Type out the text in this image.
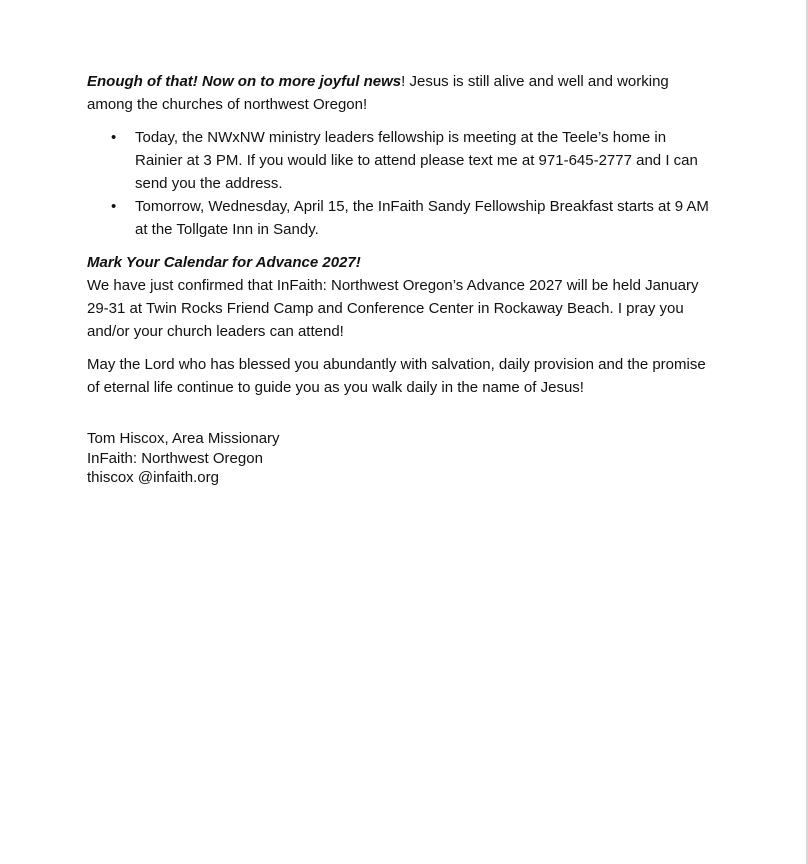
Enough of that! Now on to more joyful news! Jesus is still alive and well and working among the churches of northwest Oregon!

• Today, the NWxNW ministry leaders fellowship is meeting at the Teele’s home in Rainier at 3 PM. If you would like to attend please text me at 971-645-2777 and I can send you the address.
• Tomorrow, Wednesday, April 15, the InFaith Sandy Fellowship Breakfast starts at 9 AM at the Tollgate Inn in Sandy.

Mark Your Calendar for Advance 2027!

We have just confirmed that InFaith: Northwest Oregon’s Advance 2027 will be held January 29-31 at Twin Rocks Friend Camp and Conference Center in Rockaway Beach. I pray you and/or your church leaders can attend!

May the Lord who has blessed you abundantly with salvation, daily provision and the promise of eternal life continue to guide you as you walk daily in the name of Jesus!

Tom Hiscox, Area Missionary
InFaith: Northwest Oregon
thiscox @infaith.org
